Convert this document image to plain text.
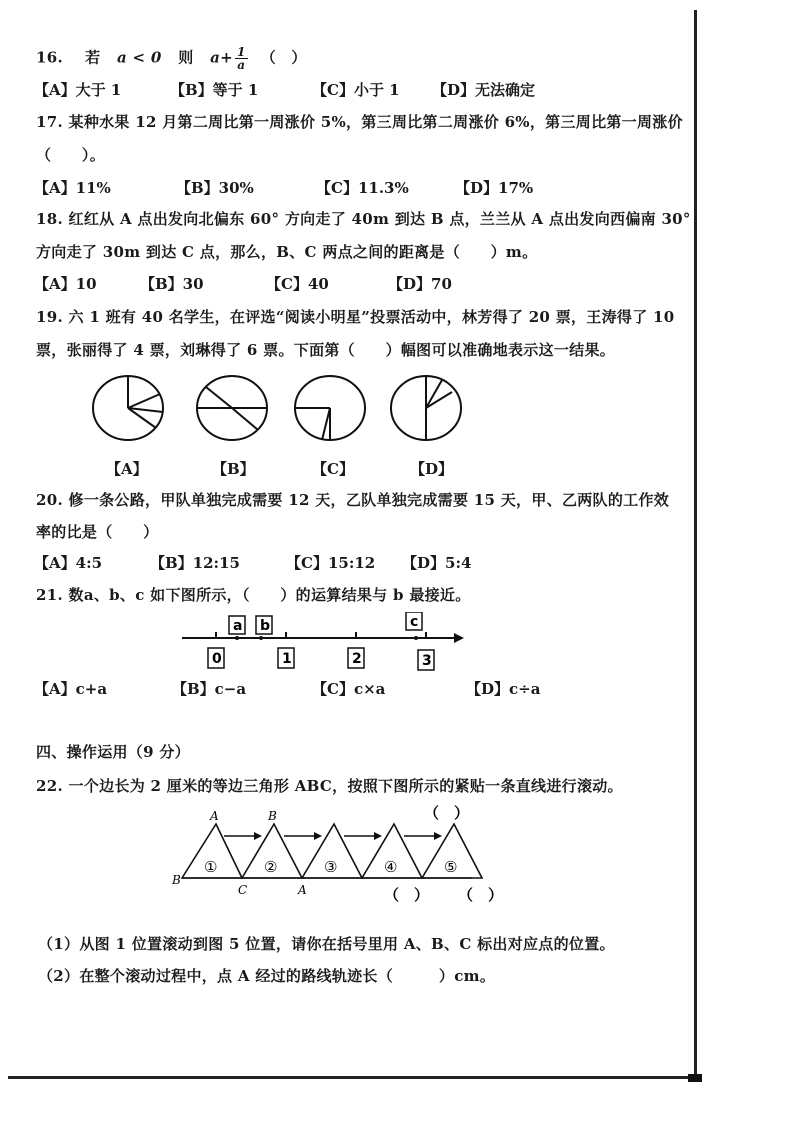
16. 若 a < 0 则 $a+ \frac{1}{a}$ （　）
【A】大于 1	【B】等于 1	【C】小于 1 【D】无法确定
17. 某种水果 12 月第二周比第一周涨价 5%，第三周比第二周涨价 6%，第三周比第一周涨价
（　　）。
【A】11%	【B】30%	【C】11.3%	【D】17%
18. 红红从 A 点出发向北偏东 60° 方向走了 40m 到达 B 点，兰兰从 A 点出发向西偏南 30°
方向走了 30m 到达 C 点，那么，B、C 两点之间的距离是（　　）m。
【A】10	【B】30	【C】40	【D】70
19. 六 1 班有 40 名学生，在评选“阅读小明星”投票活动中，林芳得了 20 票，王涛得了 10
票，张丽得了 4 票，刘琳得了 6 票。下面第（　　）幅图可以准确地表示这一结果。
【A】	【B】	【C】	【D】
20. 修一条公路，甲队单独完成需要 12 天，乙队单独完成需要 15 天，甲、乙两队的工作效
率的比是（　　）
【A】4:5	【B】12:15	【C】15:12 【D】5:4
21. 数a、b、c 如下图所示，（　　）的运算结果与 b 最接近。
a b	c
0	1	2	3
【A】c+a	【B】c−a	【C】c×a	【D】c÷a
四、操作运用（9 分）
22. 一个边长为 2 厘米的等边三角形 ABC，按照下图所示的紧贴一条直线进行滚动。
A
B
B
C	A
①	②	③	④	⑤
（　）
（　） （　）
（1）从图 1 位置滚动到图 5 位置，请你在括号里用 A、B、C 标出对应点的位置。
（2）在整个滚动过程中，点 A 经过的路线轨迹长（　　　）cm。
